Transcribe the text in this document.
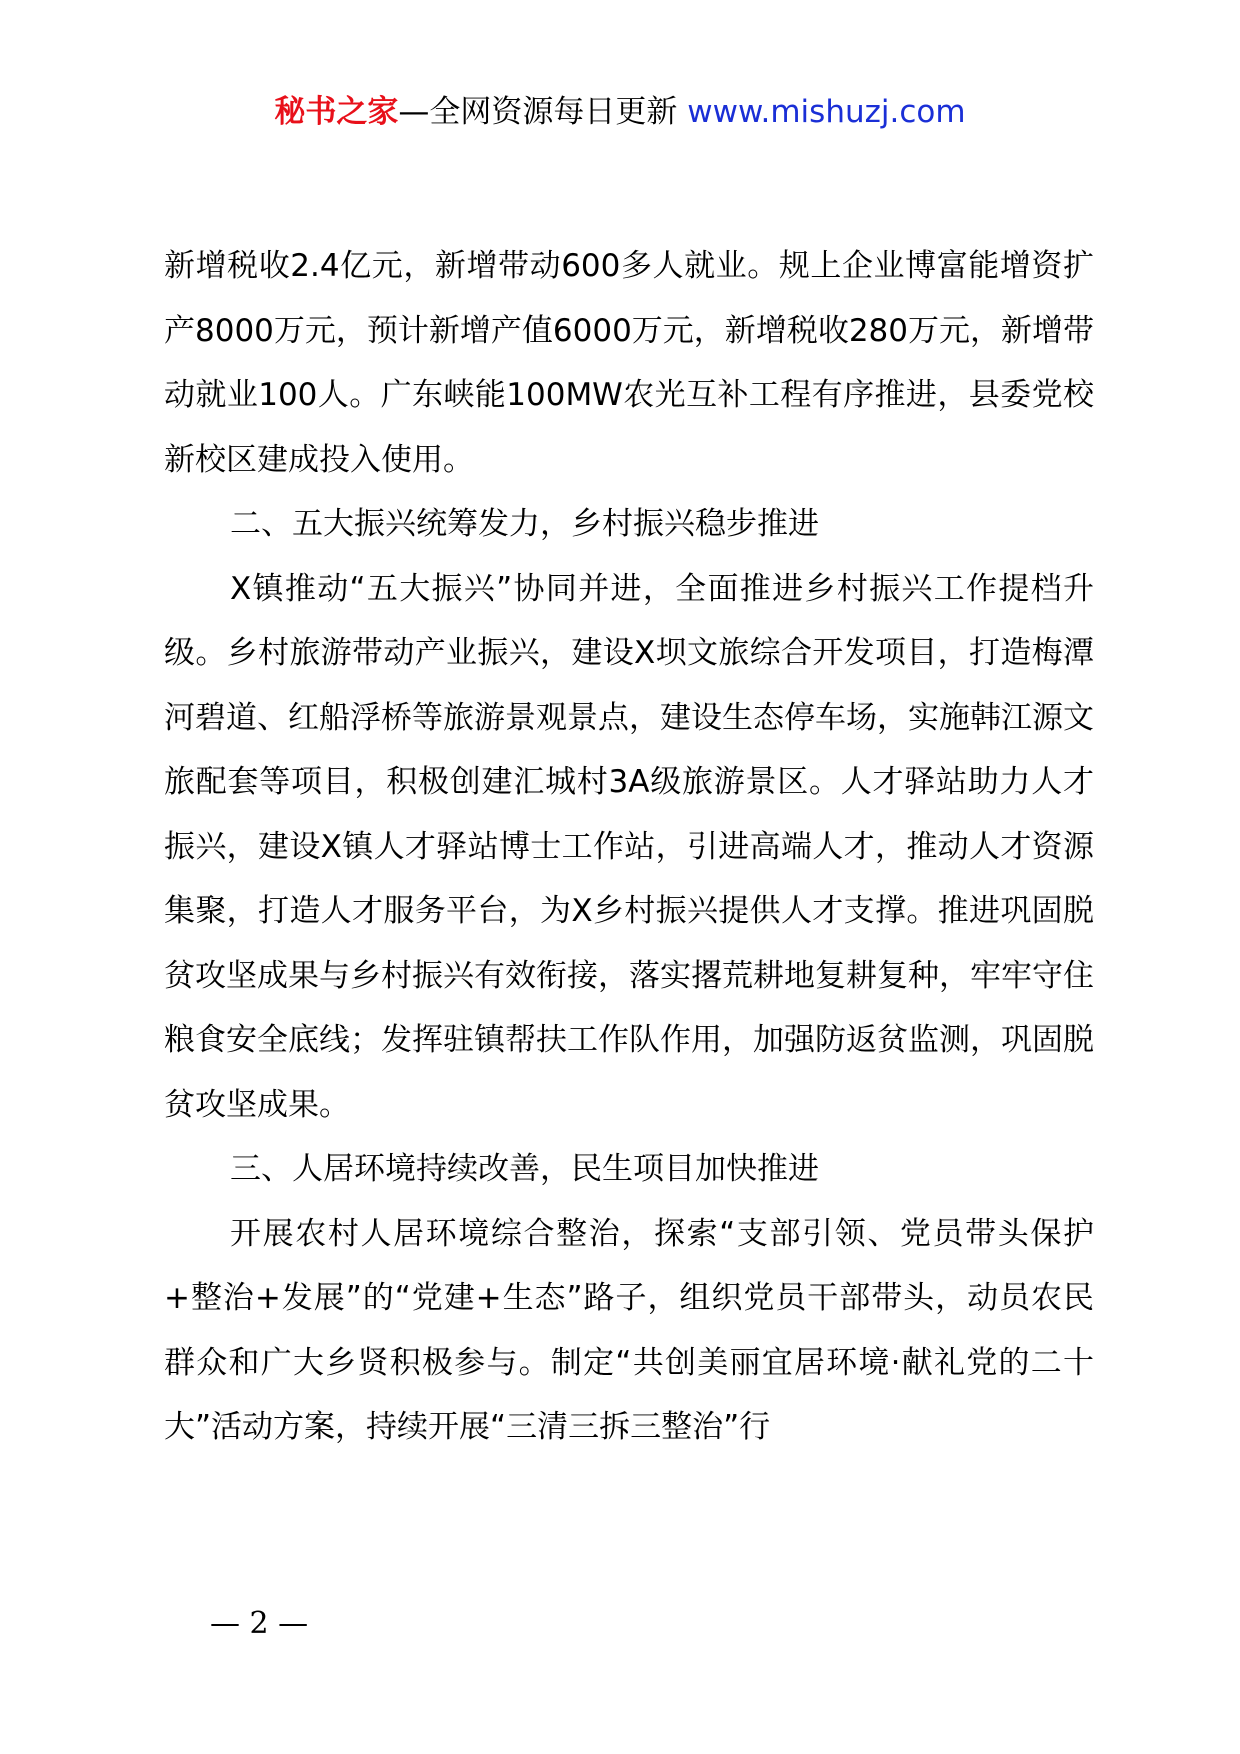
秘书之家—全网资源每日更新 www.mishuzj.com

新增税收2.4亿元，新增带动600多人就业。规上企业博富能增资扩产8000万元，预计新增产值6000万元，新增税收280万元，新增带动就业100人。广东峡能100MW农光互补工程有序推进，县委党校新校区建成投入使用。

二、五大振兴统筹发力，乡村振兴稳步推进

X镇推动“五大振兴”协同并进，全面推进乡村振兴工作提档升级。乡村旅游带动产业振兴，建设X坝文旅综合开发项目，打造梅潭河碧道、红船浮桥等旅游景观景点，建设生态停车场，实施韩江源文旅配套等项目，积极创建汇城村3A级旅游景区。人才驿站助力人才振兴，建设X镇人才驿站博士工作站，引进高端人才，推动人才资源集聚，打造人才服务平台，为X乡村振兴提供人才支撑。推进巩固脱贫攻坚成果与乡村振兴有效衔接，落实撂荒耕地复耕复种，牢牢守住粮食安全底线；发挥驻镇帮扶工作队作用，加强防返贫监测，巩固脱贫攻坚成果。

三、人居环境持续改善，民生项目加快推进

开展农村人居环境综合整治，探索“支部引领、党员带头保护+整治+发展”的“党建+生态”路子，组织党员干部带头，动员农民群众和广大乡贤积极参与。制定“共创美丽宜居环境·献礼党的二十大”活动方案，持续开展“三清三拆三整治”行

— 2 —
